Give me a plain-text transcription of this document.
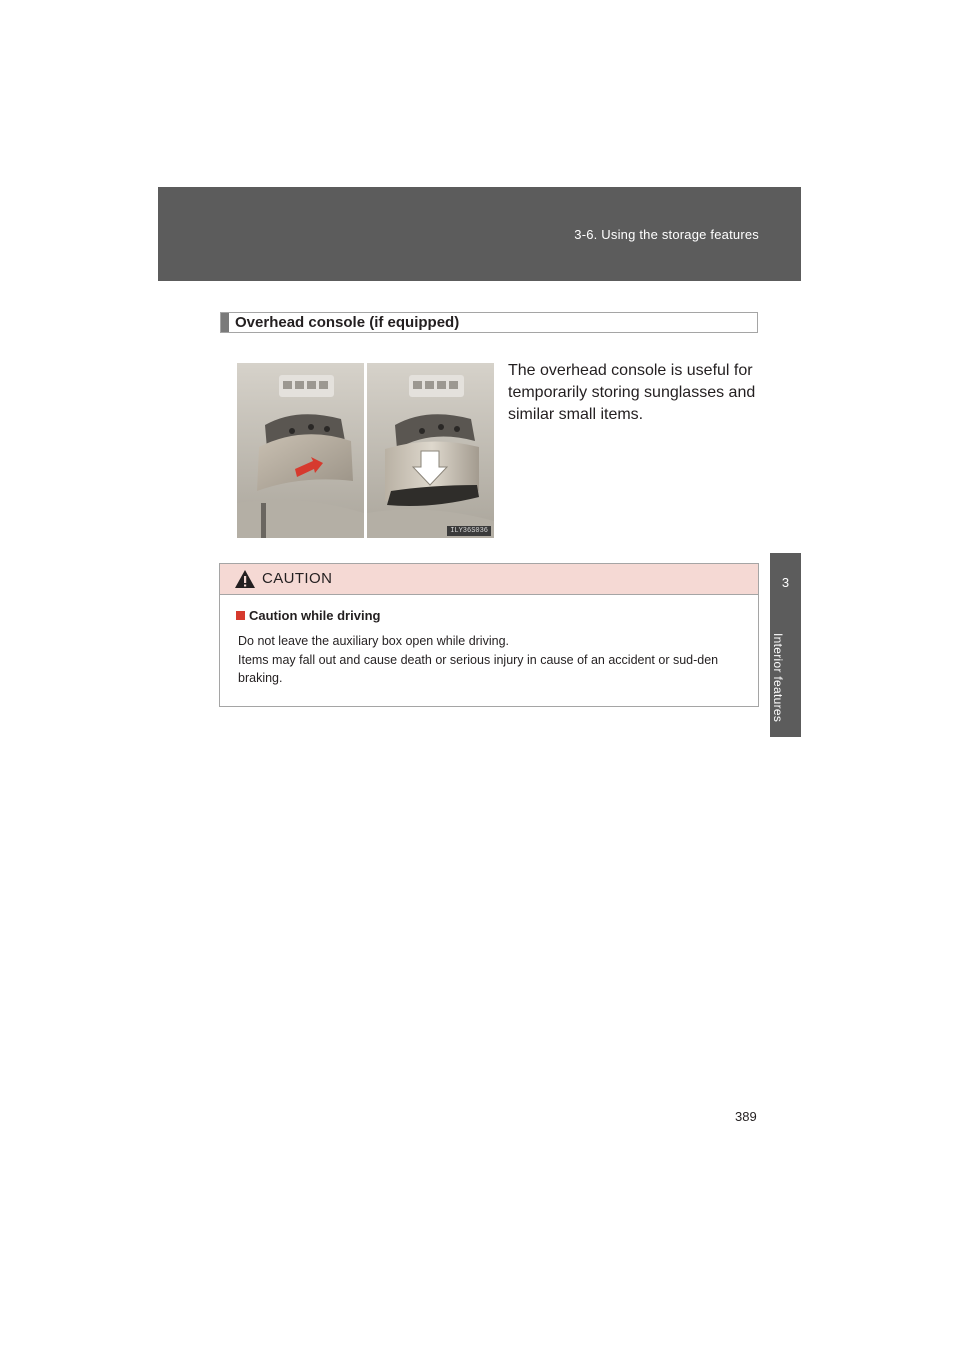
3-6. Using the storage features
3
Interior features
Overhead console (if equipped)
ILY36S036

The overhead console is useful for temporarily storing sunglasses and similar small items.

CAUTION
Caution while driving

Do not leave the auxiliary box open while driving.
Items may fall out and cause death or serious injury in cause of an accident or sud-den braking.

389
